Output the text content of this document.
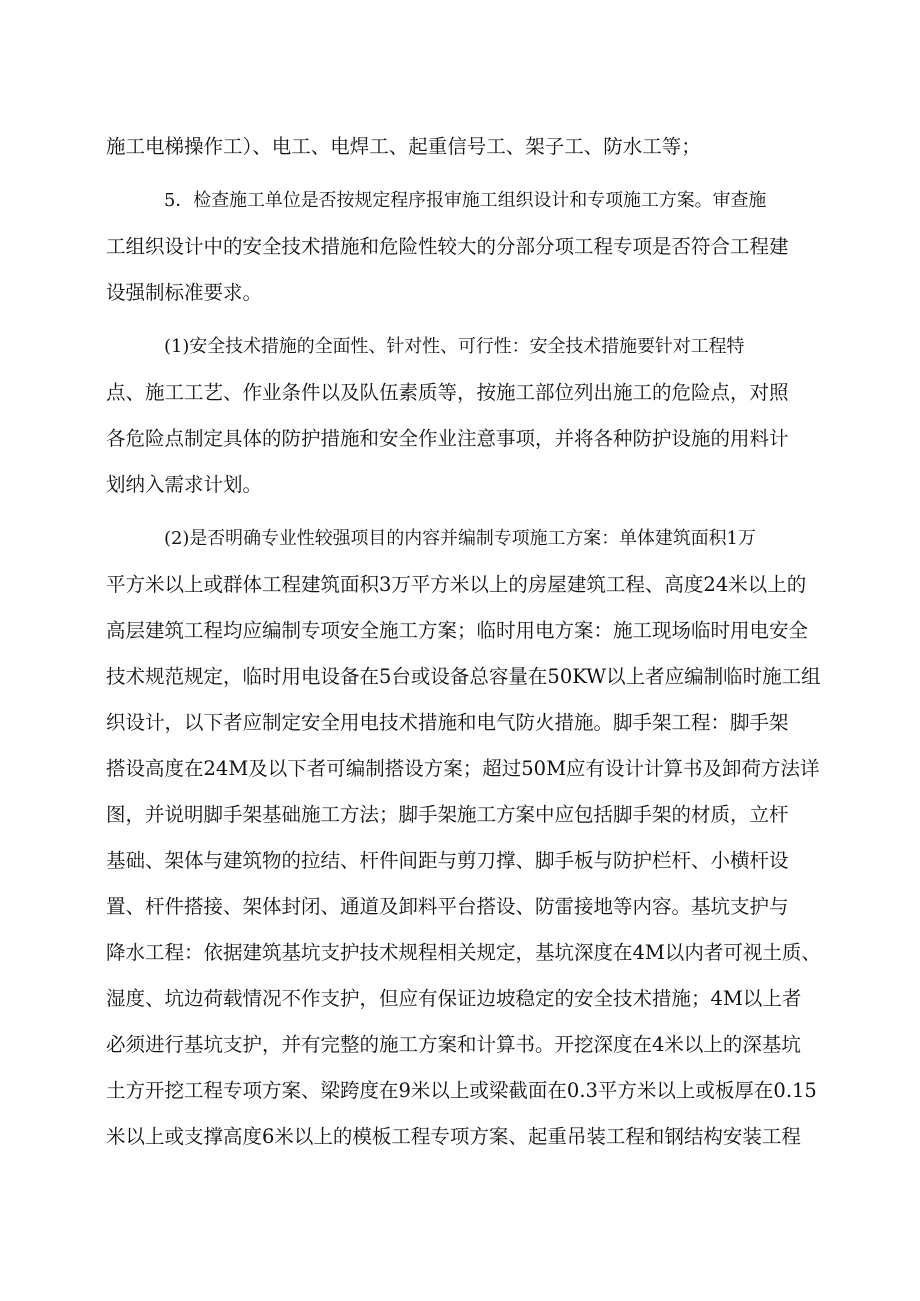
施工电梯操作工）、电工、电焊工、起重信号工、架子工、防水工等；
5．检查施工单位是否按规定程序报审施工组织设计和专项施工方案。审查施
工组织设计中的安全技术措施和危险性较大的分部分项工程专项是否符合工程建
设强制标准要求。
(1)安全技术措施的全面性、针对性、可行性：安全技术措施要针对工程特
点、施工工艺、作业条件以及队伍素质等，按施工部位列出施工的危险点，对照
各危险点制定具体的防护措施和安全作业注意事项，并将各种防护设施的用料计
划纳入需求计划。
(2)是否明确专业性较强项目的内容并编制专项施工方案：单体建筑面积1万
平方米以上或群体工程建筑面积3万平方米以上的房屋建筑工程、高度24米以上的
高层建筑工程均应编制专项安全施工方案；临时用电方案：施工现场临时用电安全
技术规范规定，临时用电设备在5台或设备总容量在50KW以上者应编制临时施工组
织设计，以下者应制定安全用电技术措施和电气防火措施。脚手架工程：脚手架
搭设高度在24M及以下者可编制搭设方案；超过50M应有设计计算书及卸荷方法详
图，并说明脚手架基础施工方法；脚手架施工方案中应包括脚手架的材质，立杆
基础、架体与建筑物的拉结、杆件间距与剪刀撑、脚手板与防护栏杆、小横杆设
置、杆件搭接、架体封闭、通道及卸料平台搭设、防雷接地等内容。基坑支护与
降水工程：依据建筑基坑支护技术规程相关规定，基坑深度在4M以内者可视土质、
湿度、坑边荷载情况不作支护，但应有保证边坡稳定的安全技术措施；4M以上者
必须进行基坑支护，并有完整的施工方案和计算书。开挖深度在4米以上的深基坑
土方开挖工程专项方案、梁跨度在9米以上或梁截面在0.3平方米以上或板厚在0.15
米以上或支撑高度6米以上的模板工程专项方案、起重吊装工程和钢结构安装工程
